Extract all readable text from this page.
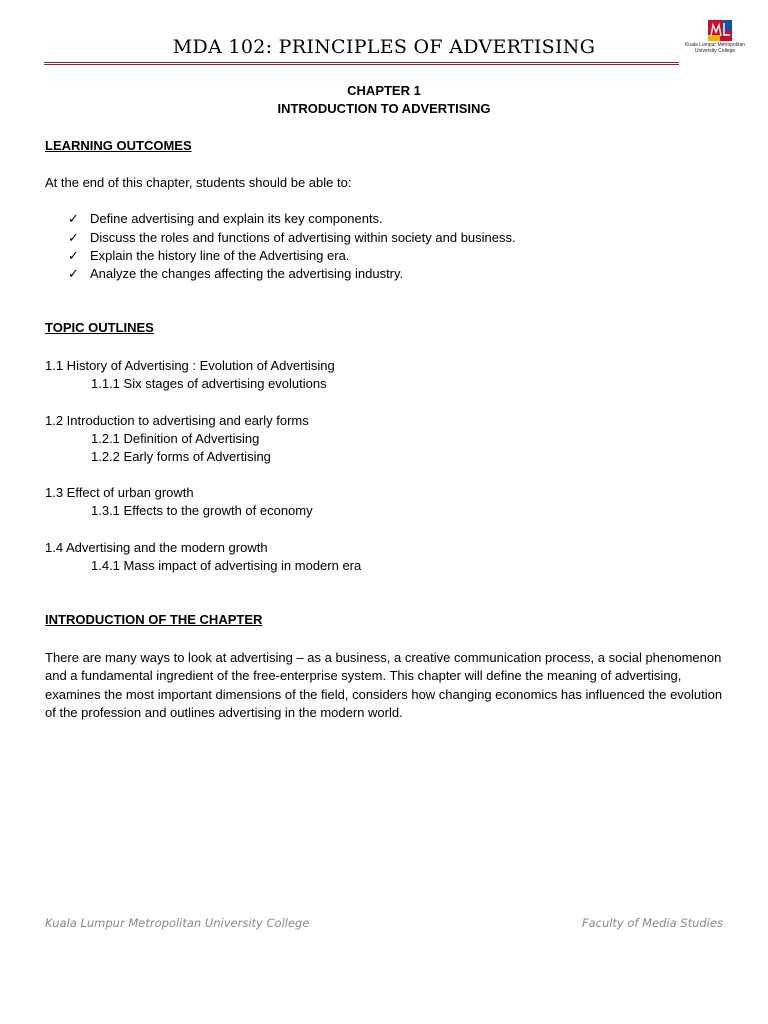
MDA 102: PRINCIPLES OF ADVERTISING	Kuala Lumpur Metropolitan University College
CHAPTER 1
INTRODUCTION TO ADVERTISING
LEARNING OUTCOMES
At the end of this chapter, students should be able to:
✓ Define advertising and explain its key components.
✓ Discuss the roles and functions of advertising within society and business.
✓ Explain the history line of the Advertising era.
✓ Analyze the changes affecting the advertising industry.
TOPIC OUTLINES
1.1 History of Advertising : Evolution of Advertising
1.1.1 Six stages of advertising evolutions
1.2 Introduction to advertising and early forms
1.2.1 Definition of Advertising
1.2.2 Early forms of Advertising
1.3 Effect of urban growth
1.3.1 Effects to the growth of economy
1.4 Advertising and the modern growth
1.4.1 Mass impact of advertising in modern era
INTRODUCTION OF THE CHAPTER
There are many ways to look at advertising – as a business, a creative communication process, a social phenomenon and a fundamental ingredient of the free-enterprise system. This chapter will define the meaning of advertising, examines the most important dimensions of the field, considers how changing economics has influenced the evolution of the profession and outlines advertising in the modern world.
Kuala Lumpur Metropolitan University College	Faculty of Media Studies
